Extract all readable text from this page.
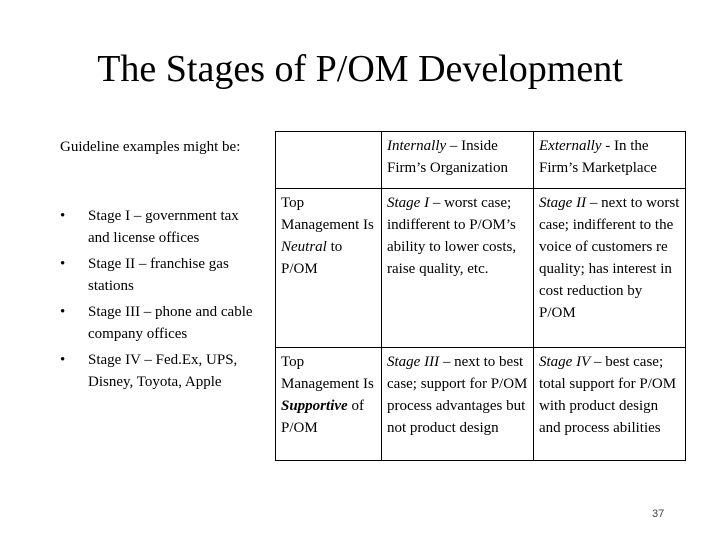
The Stages of P/OM Development
Guideline examples might be:
• Stage I – government tax and license offices
• Stage II – franchise gas stations
• Stage III – phone and cable company offices
• Stage IV – Fed.Ex, UPS, Disney, Toyota, Apple
	Internally – Inside Firm’s Organization	Externally - In the Firm’s Marketplace
Top Management Is Neutral to P/OM	Stage I – worst case; indifferent to P/OM’s ability to lower costs, raise quality, etc.	Stage II – next to worst case; indifferent to the voice of customers re quality; has interest in cost reduction by P/OM
Top Management Is Supportive of P/OM	Stage III – next to best case; support for P/OM process advantages but not product design	Stage IV – best case; total support for P/OM with product design and process abilities
37
